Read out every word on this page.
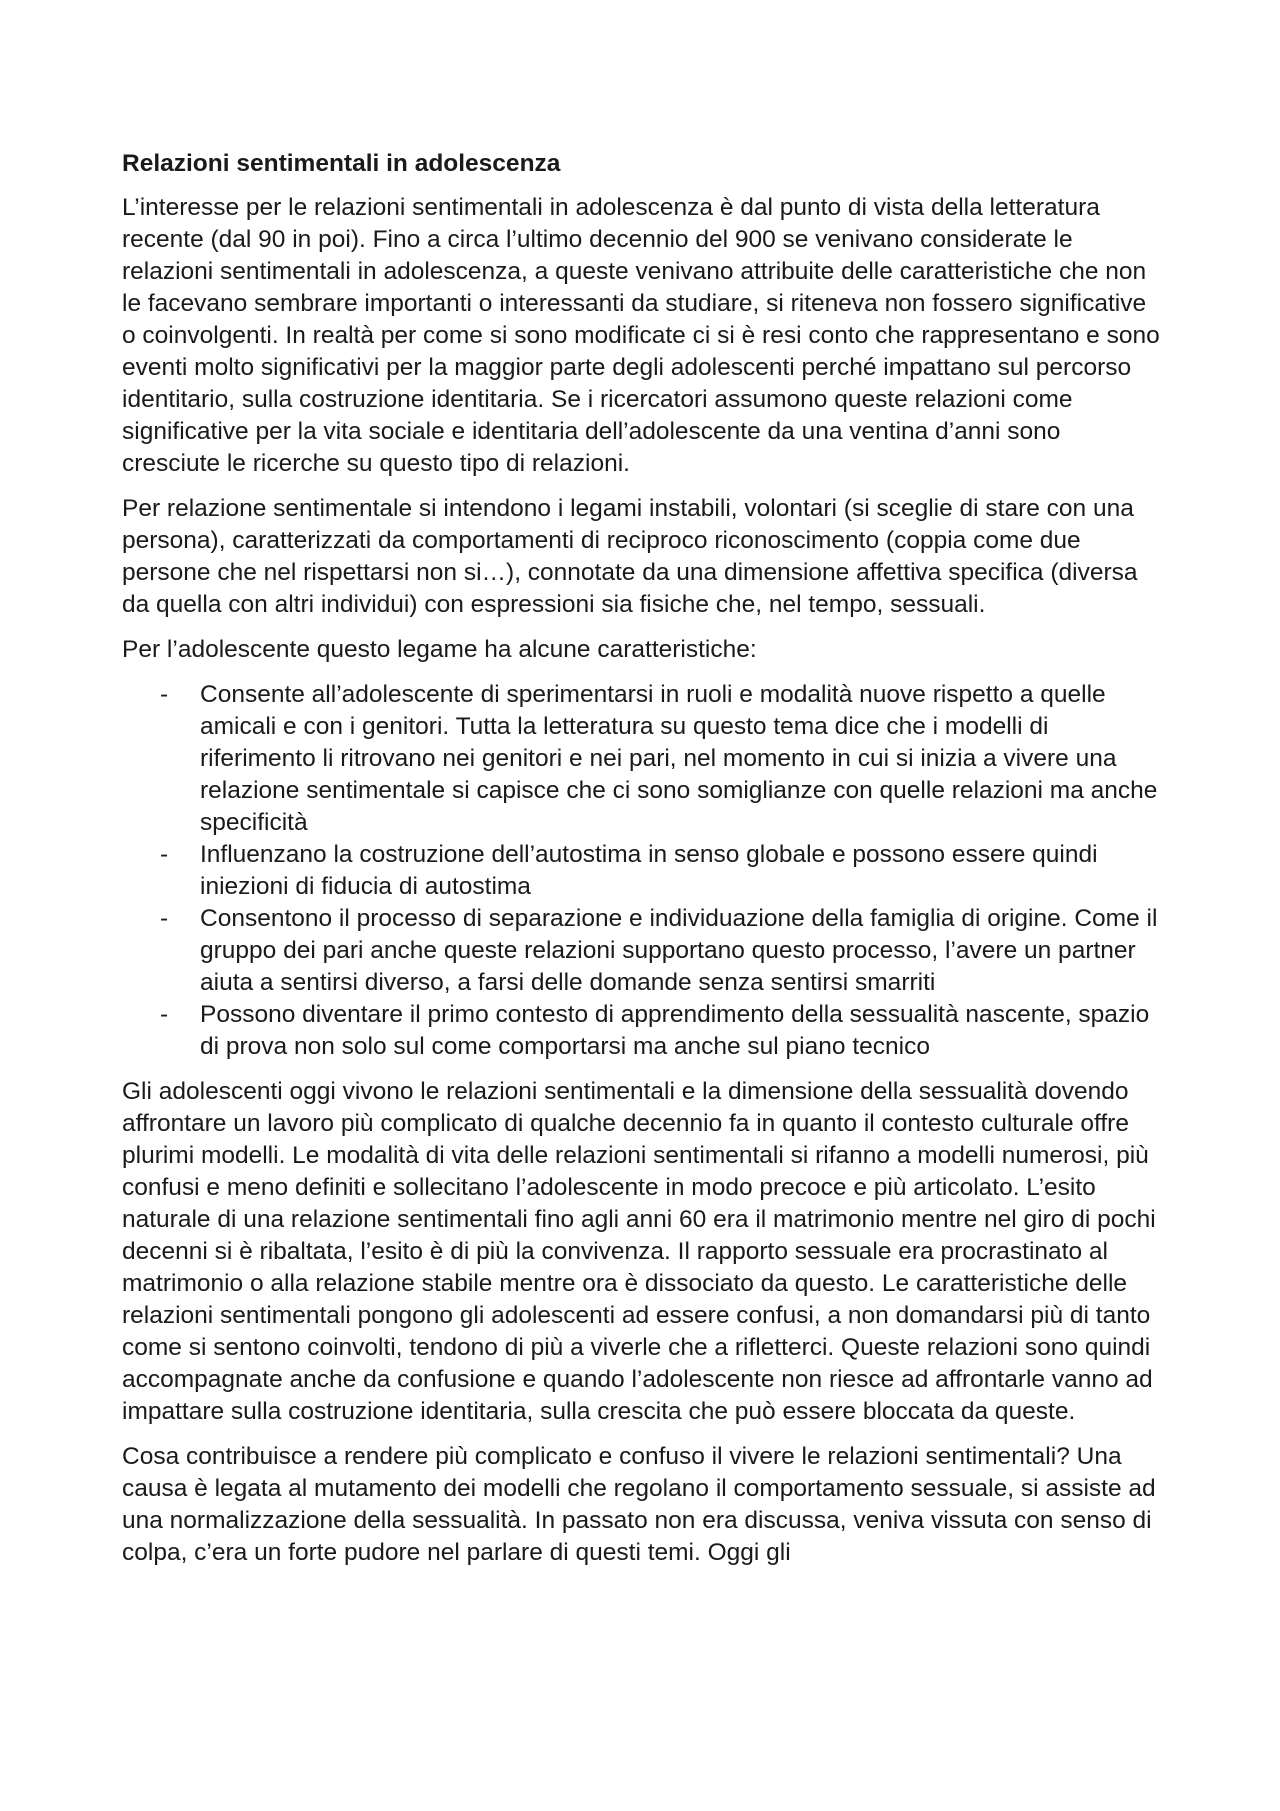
Relazioni sentimentali in adolescenza

L’interesse per le relazioni sentimentali in adolescenza è dal punto di vista della letteratura recente (dal 90 in poi). Fino a circa l’ultimo decennio del 900 se venivano considerate le relazioni sentimentali in adolescenza, a queste venivano attribuite delle caratteristiche che non le facevano sembrare importanti o interessanti da studiare, si riteneva non fossero significative o coinvolgenti. In realtà per come si sono modificate ci si è resi conto che rappresentano e sono eventi molto significativi per la maggior parte degli adolescenti perché impattano sul percorso identitario, sulla costruzione identitaria. Se i ricercatori assumono queste relazioni come significative per la vita sociale e identitaria dell’adolescente da una ventina d’anni sono cresciute le ricerche su questo tipo di relazioni.

Per relazione sentimentale si intendono i legami instabili, volontari (si sceglie di stare con una persona), caratterizzati da comportamenti di reciproco riconoscimento (coppia come due persone che nel rispettarsi non si…), connotate da una dimensione affettiva specifica (diversa da quella con altri individui) con espressioni sia fisiche che, nel tempo, sessuali.

Per l’adolescente questo legame ha alcune caratteristiche:

- Consente all’adolescente di sperimentarsi in ruoli e modalità nuove rispetto a quelle amicali e con i genitori. Tutta la letteratura su questo tema dice che i modelli di riferimento li ritrovano nei genitori e nei pari, nel momento in cui si inizia a vivere una relazione sentimentale si capisce che ci sono somiglianze con quelle relazioni ma anche specificità
- Influenzano la costruzione dell’autostima in senso globale e possono essere quindi iniezioni di fiducia di autostima
- Consentono il processo di separazione e individuazione della famiglia di origine. Come il gruppo dei pari anche queste relazioni supportano questo processo, l’avere un partner aiuta a sentirsi diverso, a farsi delle domande senza sentirsi smarriti
- Possono diventare il primo contesto di apprendimento della sessualità nascente, spazio di prova non solo sul come comportarsi ma anche sul piano tecnico

Gli adolescenti oggi vivono le relazioni sentimentali e la dimensione della sessualità dovendo affrontare un lavoro più complicato di qualche decennio fa in quanto il contesto culturale offre plurimi modelli. Le modalità di vita delle relazioni sentimentali si rifanno a modelli numerosi, più confusi e meno definiti e sollecitano l’adolescente in modo precoce e più articolato. L’esito naturale di una relazione sentimentali fino agli anni 60 era il matrimonio mentre nel giro di pochi decenni si è ribaltata, l’esito è di più la convivenza. Il rapporto sessuale era procrastinato al matrimonio o alla relazione stabile mentre ora è dissociato da questo. Le caratteristiche delle relazioni sentimentali pongono gli adolescenti ad essere confusi, a non domandarsi più di tanto come si sentono coinvolti, tendono di più a viverle che a rifletterci. Queste relazioni sono quindi accompagnate anche da confusione e quando l’adolescente non riesce ad affrontarle vanno ad impattare sulla costruzione identitaria, sulla crescita che può essere bloccata da queste.

Cosa contribuisce a rendere più complicato e confuso il vivere le relazioni sentimentali? Una causa è legata al mutamento dei modelli che regolano il comportamento sessuale, si assiste ad una normalizzazione della sessualità. In passato non era discussa, veniva vissuta con senso di colpa, c’era un forte pudore nel parlare di questi temi. Oggi gli
